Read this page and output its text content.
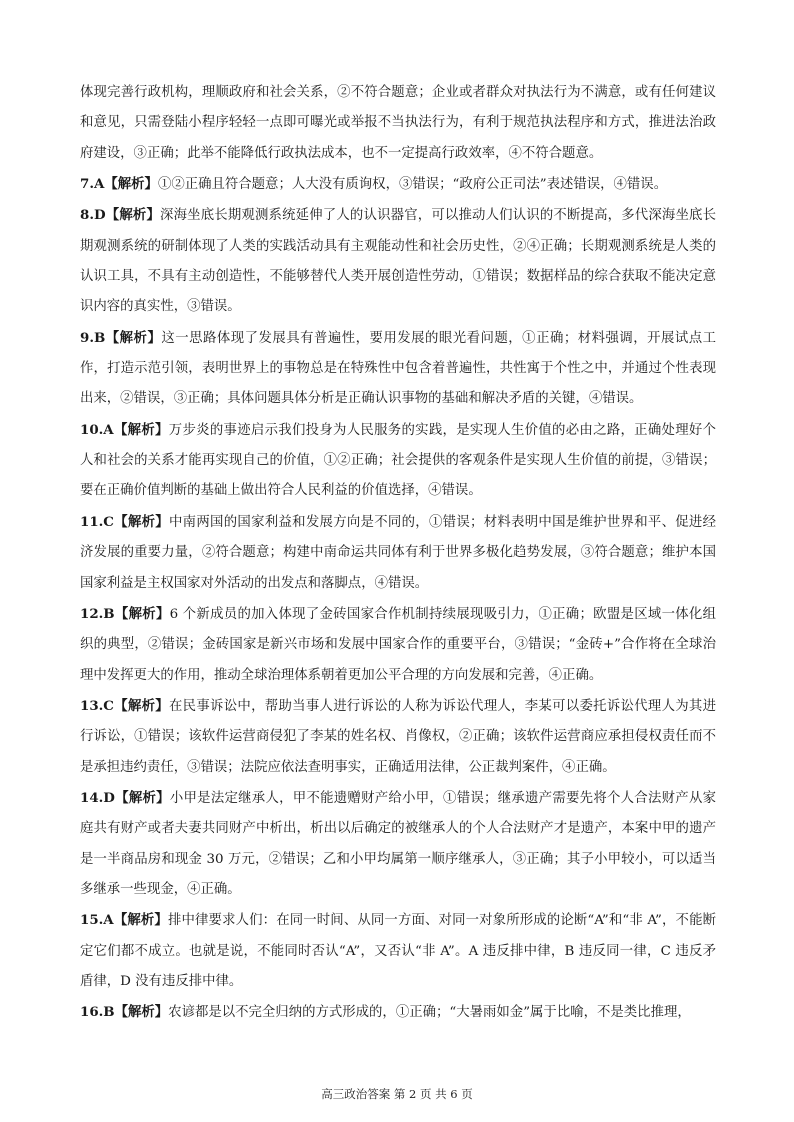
体现完善行政机构，理顺政府和社会关系，②不符合题意；企业或者群众对执法行为不满意，或有任何建议和意见，只需登陆小程序轻轻一点即可曝光或举报不当执法行为，有利于规范执法程序和方式，推进法治政府建设，③正确；此举不能降低行政执法成本，也不一定提高行政效率，④不符合题意。

7.A【解析】①②正确且符合题意；人大没有质询权，③错误；“政府公正司法”表述错误，④错误。

8.D【解析】深海坐底长期观测系统延伸了人的认识器官，可以推动人们认识的不断提高，多代深海坐底长期观测系统的研制体现了人类的实践活动具有主观能动性和社会历史性，②④正确；长期观测系统是人类的认识工具，不具有主动创造性，不能够替代人类开展创造性劳动，①错误；数据样品的综合获取不能决定意识内容的真实性，③错误。

9.B【解析】这一思路体现了发展具有普遍性，要用发展的眼光看问题，①正确；材料强调，开展试点工作，打造示范引领，表明世界上的事物总是在特殊性中包含着普遍性，共性寓于个性之中，并通过个性表现出来，②错误，③正确；具体问题具体分析是正确认识事物的基础和解决矛盾的关键，④错误。

10.A【解析】万步炎的事迹启示我们投身为人民服务的实践，是实现人生价值的必由之路，正确处理好个人和社会的关系才能再实现自己的价值，①②正确；社会提供的客观条件是实现人生价值的前提，③错误；要在正确价值判断的基础上做出符合人民利益的价值选择，④错误。

11.C【解析】中南两国的国家利益和发展方向是不同的，①错误；材料表明中国是维护世界和平、促进经济发展的重要力量，②符合题意；构建中南命运共同体有利于世界多极化趋势发展，③符合题意；维护本国国家利益是主权国家对外活动的出发点和落脚点，④错误。

12.B【解析】6 个新成员的加入体现了金砖国家合作机制持续展现吸引力，①正确；欧盟是区域一体化组织的典型，②错误；金砖国家是新兴市场和发展中国家合作的重要平台，③错误；“金砖+”合作将在全球治理中发挥更大的作用，推动全球治理体系朝着更加公平合理的方向发展和完善，④正确。

13.C【解析】在民事诉讼中，帮助当事人进行诉讼的人称为诉讼代理人，李某可以委托诉讼代理人为其进行诉讼，①错误；该软件运营商侵犯了李某的姓名权、肖像权，②正确；该软件运营商应承担侵权责任而不是承担违约责任，③错误；法院应依法查明事实，正确适用法律，公正裁判案件，④正确。

14.D【解析】小甲是法定继承人，甲不能遗赠财产给小甲，①错误；继承遗产需要先将个人合法财产从家庭共有财产或者夫妻共同财产中析出，析出以后确定的被继承人的个人合法财产才是遗产，本案中甲的遗产是一半商品房和现金 30 万元，②错误；乙和小甲均属第一顺序继承人，③正确；其子小甲较小，可以适当多继承一些现金，④正确。

15.A【解析】排中律要求人们：在同一时间、从同一方面、对同一对象所形成的论断“A”和“非 A”，不能断定它们都不成立。也就是说，不能同时否认“A”，又否认“非 A”。A 违反排中律，B 违反同一律，C 违反矛盾律，D 没有违反排中律。

16.B【解析】农谚都是以不完全归纳的方式形成的，①正确；“大暑雨如金”属于比喻，不是类比推理，

高三政治答案 第 2 页 共 6 页
